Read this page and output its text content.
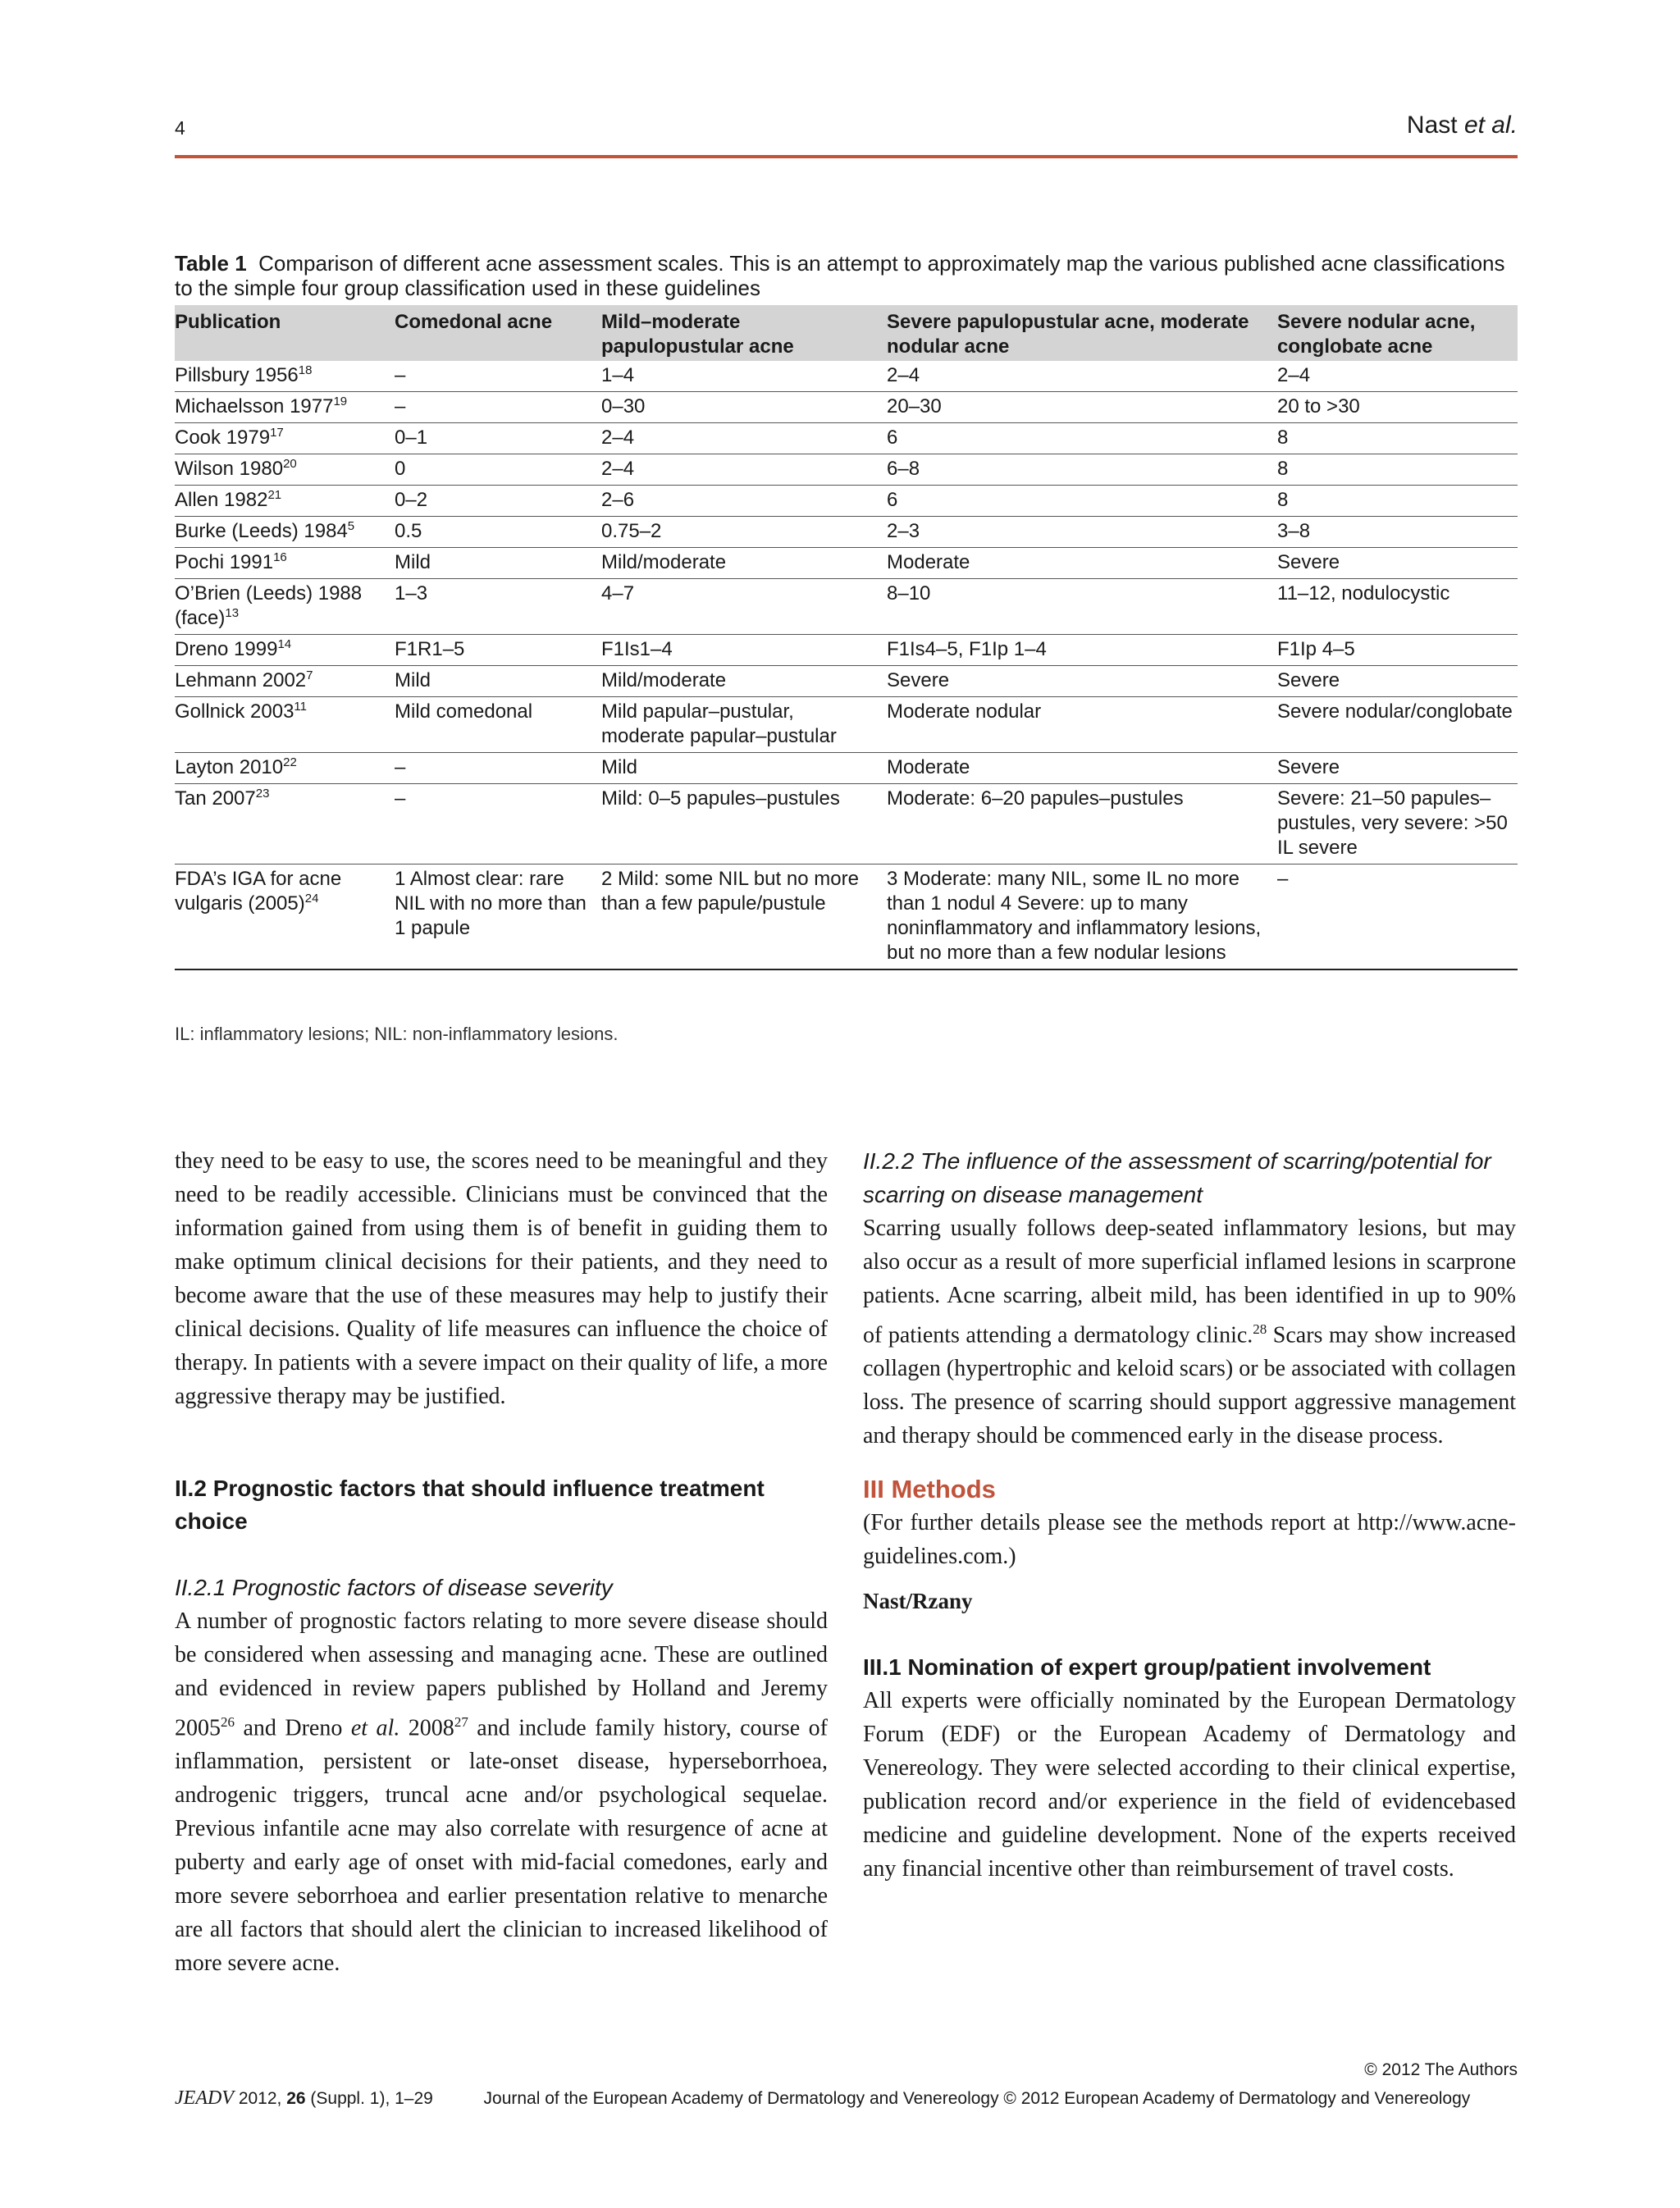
4	Nast et al.
Table 1 Comparison of different acne assessment scales. This is an attempt to approximately map the various published acne classifications to the simple four group classification used in these guidelines
Publication	Comedonal acne	Mild–moderate papulopustular acne	Severe papulopustular acne, moderate nodular acne	Severe nodular acne, conglobate acne
Pillsbury 1956$^{18}$	–	1–4	2–4	2–4
Michaelsson 1977$^{19}$	–	0–30	20–30	20 to >30
Cook 1979$^{17}$	0–1	2–4	6	8
Wilson 1980$^{20}$	0	2–4	6–8	8
Allen 1982$^{21}$	0–2	2–6	6	8
Burke (Leeds) 1984$^5$	0.5	0.75–2	2–3	3–8
Pochi 1991$^{16}$	Mild	Mild/moderate	Moderate	Severe
O’Brien (Leeds) 1988 (face)$^{13}$	1–3	4–7	8–10	11–12, nodulocystic
Dreno 1999$^{14}$	F1R1–5	F1Is1–4	F1Is4–5, F1Ip 1–4	F1Ip 4–5
Lehmann 2002$^7$	Mild	Mild/moderate	Severe	Severe
Gollnick 2003$^{11}$	Mild comedonal	Mild papular–pustular, moderate papular–pustular	Moderate nodular	Severe nodular/conglobate
Layton 2010$^{22}$	–	Mild	Moderate	Severe
Tan 2007$^{23}$	–	Mild: 0–5 papules–pustules	Moderate: 6–20 papules–pustules	Severe: 21–50 papules–pustules, very severe: >50 IL severe
FDA’s IGA for acne vulgaris $(2005)^{24}$	1 Almost clear: rare NIL with no more than 1 papule	2 Mild: some NIL but no more than a few papule/pustule	3 Moderate: many NIL, some IL no more than 1 nodul 4 Severe: up to many noninflammatory and inflammatory lesions, but no more than a few nodular lesions	–
IL: inflammatory lesions; NIL: non-inflammatory lesions.

they need to be easy to use, the scores need to be meaningful and they need to be readily accessible. Clinicians must be convinced that the information gained from using them is of benefit in guiding them to make optimum clinical decisions for their patients, and they need to become aware that the use of these measures may help to justify their clinical decisions. Quality of life measures can influence the choice of therapy. In patients with a severe impact on their quality of life, a more aggressive therapy may be justified.

II.2 Prognostic factors that should influence treatment choice

II.2.1 Prognostic factors of disease severity

A number of prognostic factors relating to more severe disease should be considered when assessing and managing acne. These are outlined and evidenced in review papers published by Holland and Jeremy 2005$^{26}$ and Dreno et al. 2008$^{27}$ and include family history, course of inflammation, persistent or late-onset disease, hyperseborrhoea, androgenic triggers, truncal acne and/or psychological sequelae. Previous infantile acne may also correlate with resurgence of acne at puberty and early age of onset with mid-facial comedones, early and more severe seborrhoea and earlier presentation relative to menarche are all factors that should alert the clinician to increased likelihood of more severe acne.

II.2.2 The influence of the assessment of scarring/potential for scarring on disease management

Scarring usually follows deep-seated inflammatory lesions, but may also occur as a result of more superficial inflamed lesions in scarprone patients. Acne scarring, albeit mild, has been identified in up to 90% of patients attending a dermatology clinic.$^{28}$ Scars may show increased collagen (hypertrophic and keloid scars) or be associated with collagen loss. The presence of scarring should support aggressive management and therapy should be commenced early in the disease process.

III Methods

(For further details please see the methods report at http://www.acne-guidelines.com.)

Nast/Rzany

III.1 Nomination of expert group/patient involvement

All experts were officially nominated by the European Dermatology Forum (EDF) or the European Academy of Dermatology and Venereology. They were selected according to their clinical expertise, publication record and/or experience in the field of evidencebased medicine and guideline development. None of the experts received any financial incentive other than reimbursement of travel costs.

© 2012 The Authors
JEADV 2012, 26 (Suppl. 1), 1–29	Journal of the European Academy of Dermatology and Venereology © 2012 European Academy of Dermatology and Venereology
